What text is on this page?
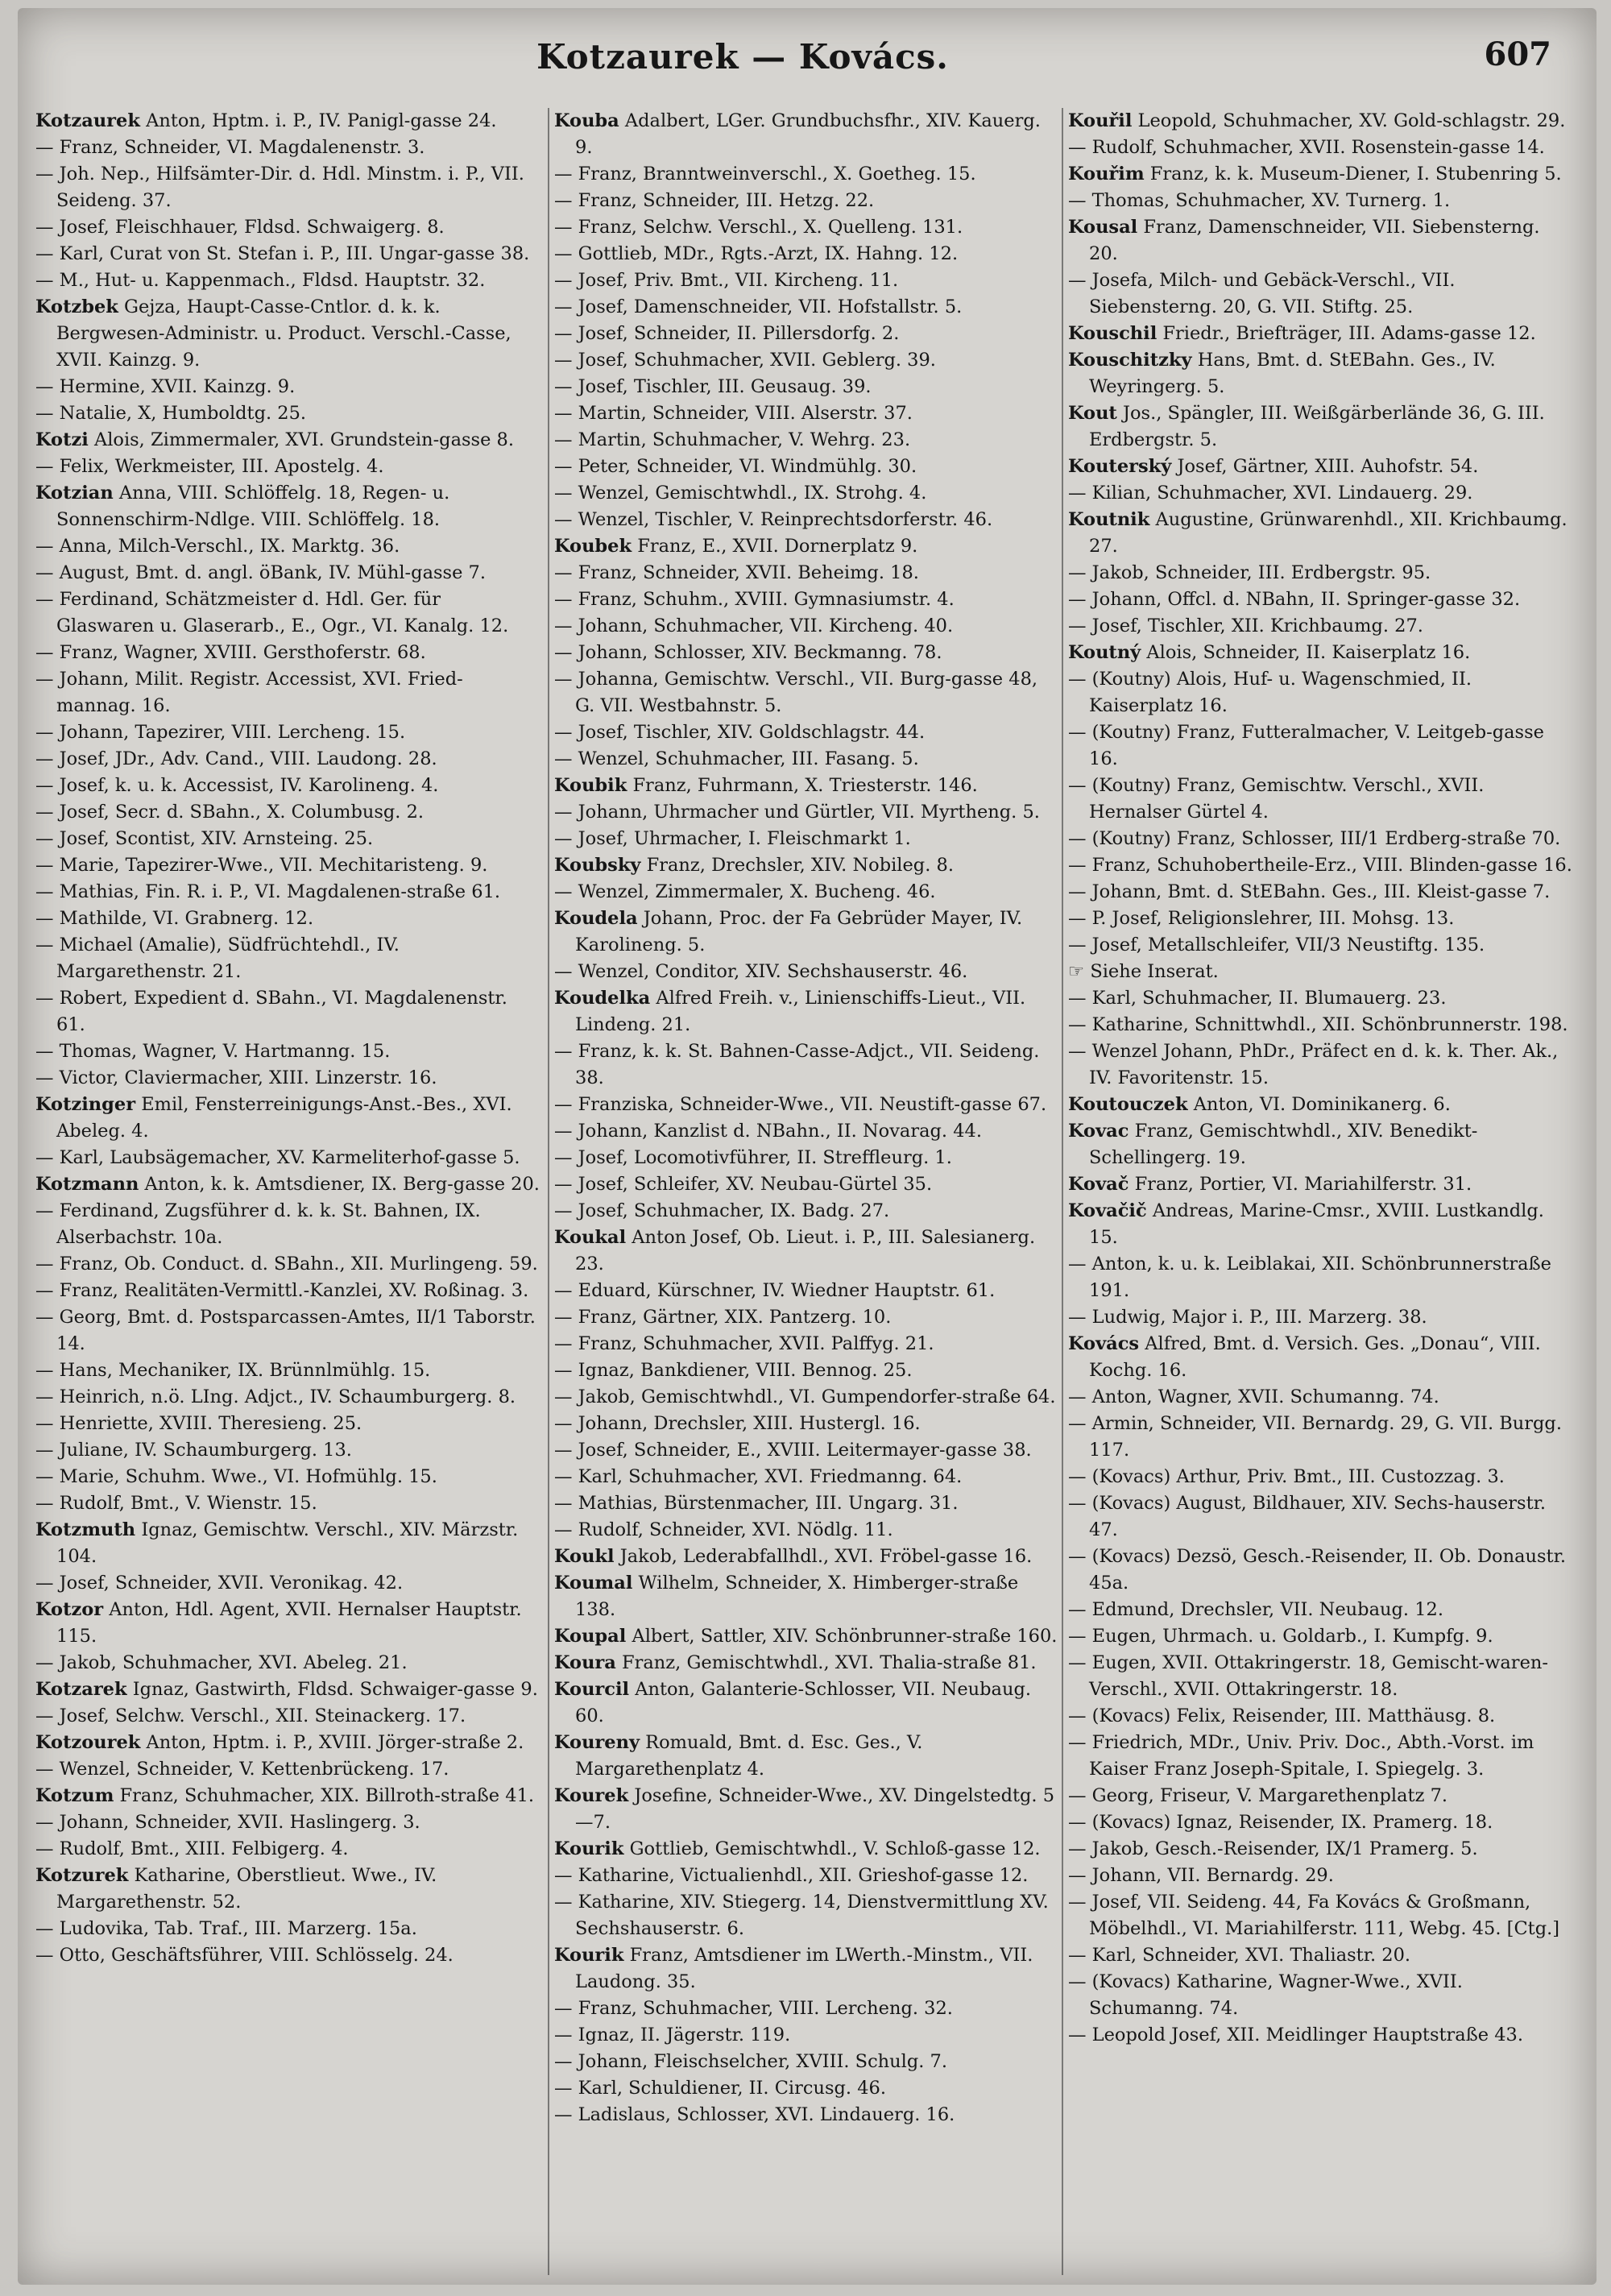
Kotzaurek — Kovács.	607
Kotzaurek Anton, Hptm. i. P., IV. Panigl-gasse 24.
— Franz, Schneider, VI. Magdalenenstr. 3.
— Joh. Nep., Hilfsämter-Dir. d. Hdl. Minstm. i. P., VII. Seideng. 37.
— Josef, Fleischhauer, Fldsd. Schwaigerg. 8.
— Karl, Curat von St. Stefan i. P., III. Ungar-gasse 38.
— M., Hut- u. Kappenmach., Fldsd. Hauptstr. 32.
Kotzbek Gejza, Haupt-Casse-Cntlor. d. k. k. Bergwesen-Administr. u. Product. Verschl.-Casse, XVII. Kainzg. 9.
— Hermine, XVII. Kainzg. 9.
— Natalie, X, Humboldtg. 25.
Kotzi Alois, Zimmermaler, XVI. Grundstein-gasse 8.
— Felix, Werkmeister, III. Apostelg. 4.
Kotzian Anna, VIII. Schlöffelg. 18, Regen- u. Sonnenschirm-Ndlge. VIII. Schlöffelg. 18.
— Anna, Milch-Verschl., IX. Marktg. 36.
— August, Bmt. d. angl. öBank, IV. Mühl-gasse 7.
— Ferdinand, Schätzmeister d. Hdl. Ger. für Glaswaren u. Glaserarb., E., Ogr., VI. Kanalg. 12.
— Franz, Wagner, XVIII. Gersthoferstr. 68.
— Johann, Milit. Registr. Accessist, XVI. Fried-mannag. 16.
— Johann, Tapezirer, VIII. Lercheng. 15.
— Josef, JDr., Adv. Cand., VIII. Laudong. 28.
— Josef, k. u. k. Accessist, IV. Karolineng. 4.
— Josef, Secr. d. SBahn., X. Columbusg. 2.
— Josef, Scontist, XIV. Arnsteing. 25.
— Marie, Tapezirer-Wwe., VII. Mechitaristeng. 9.
— Mathias, Fin. R. i. P., VI. Magdalenen-straße 61.
— Mathilde, VI. Grabnerg. 12.
— Michael (Amalie), Südfrüchtehdl., IV. Margarethenstr. 21.
— Robert, Expedient d. SBahn., VI. Magdalenenstr. 61.
— Thomas, Wagner, V. Hartmanng. 15.
— Victor, Claviermacher, XIII. Linzerstr. 16.
Kotzinger Emil, Fensterreinigungs-Anst.-Bes., XVI. Abeleg. 4.
— Karl, Laubsägemacher, XV. Karmeliterhof-gasse 5.
Kotzmann Anton, k. k. Amtsdiener, IX. Berg-gasse 20.
— Ferdinand, Zugsführer d. k. k. St. Bahnen, IX. Alserbachstr. 10a.
— Franz, Ob. Conduct. d. SBahn., XII. Murlingeng. 59.
— Franz, Realitäten-Vermittl.-Kanzlei, XV. Roßinag. 3.
— Georg, Bmt. d. Postsparcassen-Amtes, II/1 Taborstr. 14.
— Hans, Mechaniker, IX. Brünnlmühlg. 15.
— Heinrich, n.ö. LIng. Adjct., IV. Schaumburgerg. 8.
— Henriette, XVIII. Theresieng. 25.
— Juliane, IV. Schaumburgerg. 13.
— Marie, Schuhm. Wwe., VI. Hofmühlg. 15.
— Rudolf, Bmt., V. Wienstr. 15.
Kotzmuth Ignaz, Gemischtw. Verschl., XIV. Märzstr. 104.
— Josef, Schneider, XVII. Veronikag. 42.
Kotzor Anton, Hdl. Agent, XVII. Hernalser Hauptstr. 115.
— Jakob, Schuhmacher, XVI. Abeleg. 21.
Kotzarek Ignaz, Gastwirth, Fldsd. Schwaiger-gasse 9.
— Josef, Selchw. Verschl., XII. Steinackerg. 17.
Kotzourek Anton, Hptm. i. P., XVIII. Jörger-straße 2.
— Wenzel, Schneider, V. Kettenbrückeng. 17.
Kotzum Franz, Schuhmacher, XIX. Billroth-straße 41.
— Johann, Schneider, XVII. Haslingerg. 3.
— Rudolf, Bmt., XIII. Felbigerg. 4.
Kotzurek Katharine, Oberstlieut. Wwe., IV. Margarethenstr. 52.
— Ludovika, Tab. Traf., III. Marzerg. 15a.
— Otto, Geschäftsführer, VIII. Schlösselg. 24.
Kouba Adalbert, LGer. Grundbuchsfhr., XIV. Kauerg. 9.
— Franz, Branntweinverschl., X. Goetheg. 15.
— Franz, Schneider, III. Hetzg. 22.
— Franz, Selchw. Verschl., X. Quelleng. 131.
— Gottlieb, MDr., Rgts.-Arzt, IX. Hahng. 12.
— Josef, Priv. Bmt., VII. Kircheng. 11.
— Josef, Damenschneider, VII. Hofstallstr. 5.
— Josef, Schneider, II. Pillersdorfg. 2.
— Josef, Schuhmacher, XVII. Geblerg. 39.
— Josef, Tischler, III. Geusaug. 39.
— Martin, Schneider, VIII. Alserstr. 37.
— Martin, Schuhmacher, V. Wehrg. 23.
— Peter, Schneider, VI. Windmühlg. 30.
— Wenzel, Gemischtwhdl., IX. Strohg. 4.
— Wenzel, Tischler, V. Reinprechtsdorferstr. 46.
Koubek Franz, E., XVII. Dornerplatz 9.
— Franz, Schneider, XVII. Beheimg. 18.
— Franz, Schuhm., XVIII. Gymnasiumstr. 4.
— Johann, Schuhmacher, VII. Kircheng. 40.
— Johann, Schlosser, XIV. Beckmanng. 78.
— Johanna, Gemischtw. Verschl., VII. Burg-gasse 48, G. VII. Westbahnstr. 5.
— Josef, Tischler, XIV. Goldschlagstr. 44.
— Wenzel, Schuhmacher, III. Fasang. 5.
Koubik Franz, Fuhrmann, X. Triesterstr. 146.
— Johann, Uhrmacher und Gürtler, VII. Myrtheng. 5.
— Josef, Uhrmacher, I. Fleischmarkt 1.
Koubsky Franz, Drechsler, XIV. Nobileg. 8.
— Wenzel, Zimmermaler, X. Bucheng. 46.
Koudela Johann, Proc. der Fa Gebrüder Mayer, IV. Karolineng. 5.
— Wenzel, Conditor, XIV. Sechshauserstr. 46.
Koudelka Alfred Freih. v., Linienschiffs-Lieut., VII. Lindeng. 21.
— Franz, k. k. St. Bahnen-Casse-Adjct., VII. Seideng. 38.
— Franziska, Schneider-Wwe., VII. Neustift-gasse 67.
— Johann, Kanzlist d. NBahn., II. Novarag. 44.
— Josef, Locomotivführer, II. Streffleurg. 1.
— Josef, Schleifer, XV. Neubau-Gürtel 35.
— Josef, Schuhmacher, IX. Badg. 27.
Koukal Anton Josef, Ob. Lieut. i. P., III. Salesianerg. 23.
— Eduard, Kürschner, IV. Wiedner Hauptstr. 61.
— Franz, Gärtner, XIX. Pantzerg. 10.
— Franz, Schuhmacher, XVII. Palffyg. 21.
— Ignaz, Bankdiener, VIII. Bennog. 25.
— Jakob, Gemischtwhdl., VI. Gumpendorfer-straße 64.
— Johann, Drechsler, XIII. Hustergl. 16.
— Josef, Schneider, E., XVIII. Leitermayer-gasse 38.
— Karl, Schuhmacher, XVI. Friedmanng. 64.
— Mathias, Bürstenmacher, III. Ungarg. 31.
— Rudolf, Schneider, XVI. Nödlg. 11.
Koukl Jakob, Lederabfallhdl., XVI. Fröbel-gasse 16.
Koumal Wilhelm, Schneider, X. Himberger-straße 138.
Koupal Albert, Sattler, XIV. Schönbrunner-straße 160.
Koura Franz, Gemischtwhdl., XVI. Thalia-straße 81.
Kourcil Anton, Galanterie-Schlosser, VII. Neubaug. 60.
Koureny Romuald, Bmt. d. Esc. Ges., V. Margarethenplatz 4.
Kourek Josefine, Schneider-Wwe., XV. Dingelstedtg. 5—7.
Kourik Gottlieb, Gemischtwhdl., V. Schloß-gasse 12.
— Katharine, Victualienhdl., XII. Grieshof-gasse 12.
— Katharine, XIV. Stiegerg. 14, Dienstvermittlung XV. Sechshauserstr. 6.
Kourik Franz, Amtsdiener im LWerth.-Minstm., VII. Laudong. 35.
— Franz, Schuhmacher, VIII. Lercheng. 32.
— Ignaz, II. Jägerstr. 119.
— Johann, Fleischselcher, XVIII. Schulg. 7.
— Karl, Schuldiener, II. Circusg. 46.
— Ladislaus, Schlosser, XVI. Lindauerg. 16.
Kouřil Leopold, Schuhmacher, XV. Gold-schlagstr. 29.
— Rudolf, Schuhmacher, XVII. Rosenstein-gasse 14.
Kouřim Franz, k. k. Museum-Diener, I. Stubenring 5.
— Thomas, Schuhmacher, XV. Turnerg. 1.
Kousal Franz, Damenschneider, VII. Siebensterng. 20.
— Josefa, Milch- und Gebäck-Verschl., VII. Siebensterng. 20, G. VII. Stiftg. 25.
Kouschil Friedr., Briefträger, III. Adams-gasse 12.
Kouschitzky Hans, Bmt. d. StEBahn. Ges., IV. Weyringerg. 5.
Kout Jos., Spängler, III. Weißgärberlände 36, G. III. Erdbergstr. 5.
Kouterský Josef, Gärtner, XIII. Auhofstr. 54.
— Kilian, Schuhmacher, XVI. Lindauerg. 29.
Koutnik Augustine, Grünwarenhdl., XII. Krichbaumg. 27.
— Jakob, Schneider, III. Erdbergstr. 95.
— Johann, Offcl. d. NBahn, II. Springer-gasse 32.
— Josef, Tischler, XII. Krichbaumg. 27.
Koutný Alois, Schneider, II. Kaiserplatz 16.
— (Koutny) Alois, Huf- u. Wagenschmied, II. Kaiserplatz 16.
— (Koutny) Franz, Futteralmacher, V. Leitgeb-gasse 16.
— (Koutny) Franz, Gemischtw. Verschl., XVII. Hernalser Gürtel 4.
— (Koutny) Franz, Schlosser, III/1 Erdberg-straße 70.
— Franz, Schuhobertheile-Erz., VIII. Blinden-gasse 16.
— Johann, Bmt. d. StEBahn. Ges., III. Kleist-gasse 7.
— P. Josef, Religionslehrer, III. Mohsg. 13.
— Josef, Metallschleifer, VII/3 Neustiftg. 135.
☞ Siehe Inserat.
— Karl, Schuhmacher, II. Blumauerg. 23.
— Katharine, Schnittwhdl., XII. Schönbrunnerstr. 198.
— Wenzel Johann, PhDr., Präfect en d. k. k. Ther. Ak., IV. Favoritenstr. 15.
Koutouczek Anton, VI. Dominikanerg. 6.
Kovac Franz, Gemischtwhdl., XIV. Benedikt-Schellingerg. 19.
Kovač Franz, Portier, VI. Mariahilferstr. 31.
Kovačič Andreas, Marine-Cmsr., XVIII. Lustkandlg. 15.
— Anton, k. u. k. Leiblakai, XII. Schönbrunnerstraße 191.
— Ludwig, Major i. P., III. Marzerg. 38.
Kovács Alfred, Bmt. d. Versich. Ges. „Donau“, VIII. Kochg. 16.
— Anton, Wagner, XVII. Schumanng. 74.
— Armin, Schneider, VII. Bernardg. 29, G. VII. Burgg. 117.
— (Kovacs) Arthur, Priv. Bmt., III. Custozzag. 3.
— (Kovacs) August, Bildhauer, XIV. Sechs-hauserstr. 47.
— (Kovacs) Dezsö, Gesch.-Reisender, II. Ob. Donaustr. 45a.
— Edmund, Drechsler, VII. Neubaug. 12.
— Eugen, Uhrmach. u. Goldarb., I. Kumpfg. 9.
— Eugen, XVII. Ottakringerstr. 18, Gemischt-waren-Verschl., XVII. Ottakringerstr. 18.
— (Kovacs) Felix, Reisender, III. Matthäusg. 8.
— Friedrich, MDr., Univ. Priv. Doc., Abth.-Vorst. im Kaiser Franz Joseph-Spitale, I. Spiegelg. 3.
— Georg, Friseur, V. Margarethenplatz 7.
— (Kovacs) Ignaz, Reisender, IX. Pramerg. 18.
— Jakob, Gesch.-Reisender, IX/1 Pramerg. 5.
— Johann, VII. Bernardg. 29.
— Josef, VII. Seideng. 44, Fa Kovács & Großmann, Möbelhdl., VI. Mariahilferstr. 111, Webg. 45. [Ctg.]
— Karl, Schneider, XVI. Thaliastr. 20.
— (Kovacs) Katharine, Wagner-Wwe., XVII. Schumanng. 74.
— Leopold Josef, XII. Meidlinger Hauptstraße 43.
